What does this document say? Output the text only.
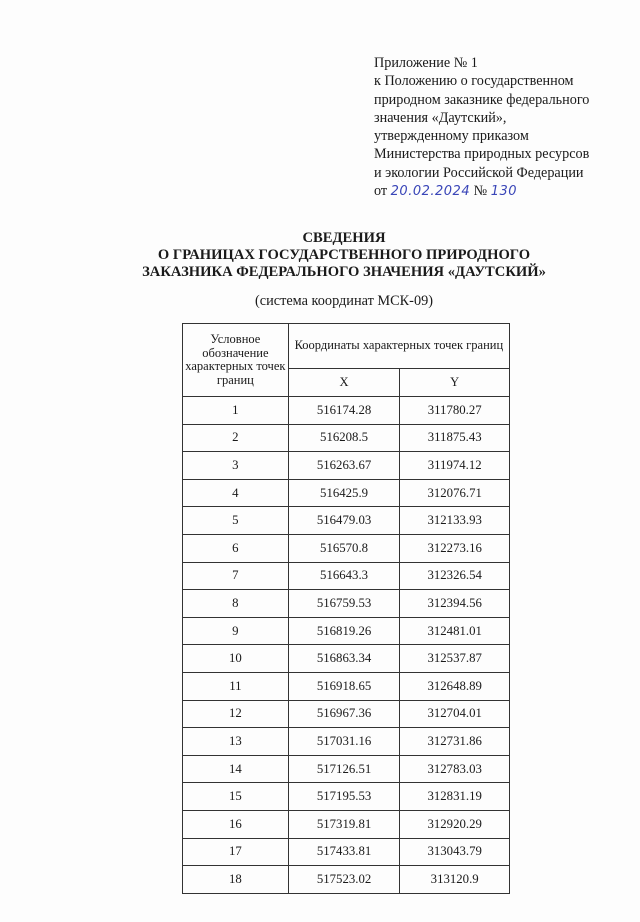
Приложение № 1
к Положению о государственном
природном заказнике федерального
значения «Даутский»,
утвержденному приказом
Министерства природных ресурсов
и экологии Российской Федерации
от 20.02.2024 № 130
СВЕДЕНИЯ
О ГРАНИЦАХ ГОСУДАРСТВЕННОГО ПРИРОДНОГО
ЗАКАЗНИКА ФЕДЕРАЛЬНОГО ЗНАЧЕНИЯ «ДАУТСКИЙ»
(система координат МСК-09)
Условное обозначение характерных точек границ	Координаты характерных точек границ	
	X	Y
1	516174.28	311780.27
2	516208.5	311875.43
3	516263.67	311974.12
4	516425.9	312076.71
5	516479.03	312133.93
6	516570.8	312273.16
7	516643.3	312326.54
8	516759.53	312394.56
9	516819.26	312481.01
10	516863.34	312537.87
11	516918.65	312648.89
12	516967.36	312704.01
13	517031.16	312731.86
14	517126.51	312783.03
15	517195.53	312831.19
16	517319.81	312920.29
17	517433.81	313043.79
18	517523.02	313120.9
